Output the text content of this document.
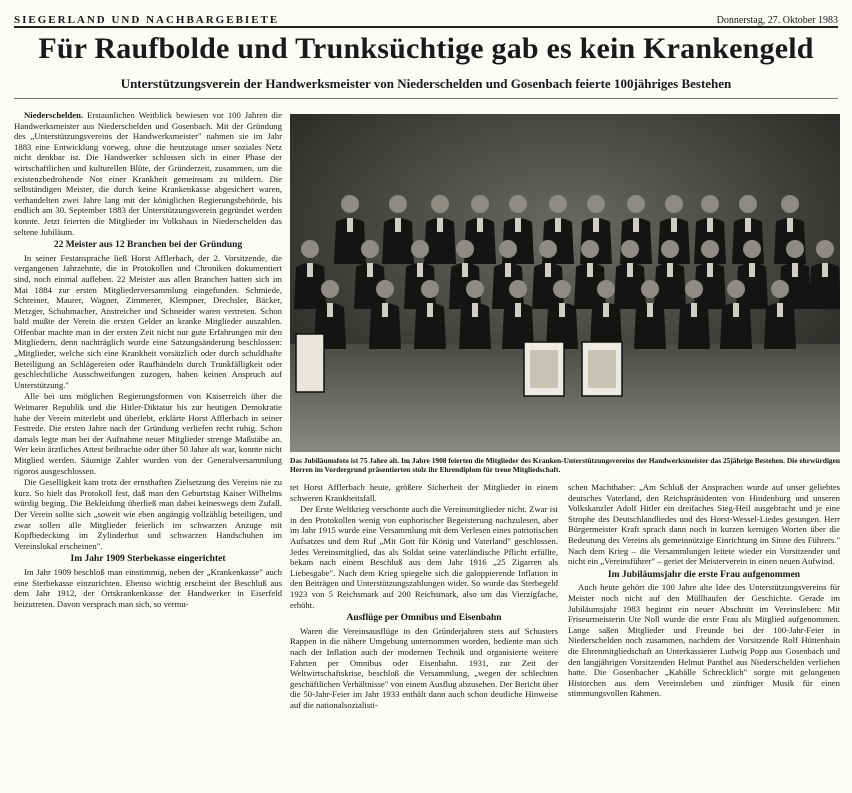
SIEGERLAND UND NACHBARGEBIETE	Donnerstag, 27. Oktober 1983
Für Raufbolde und Trunksüchtige gab es kein Krankengeld
Unterstützungsverein der Handwerksmeister von Niederschelden und Gosenbach feierte 100jähriges Bestehen

Niederschelden. Erstaunlichen Weitblick bewiesen vor 100 Jahren die Handwerksmeister aus Niederschelden und Gosenbach. Mit der Gründung des „Unterstützungsvereins der Handwerksmeister" nahmen sie im Jahr 1883 eine Entwicklung vorweg, ohne die heutzutage unser soziales Netz nicht denkbar ist. Die Handwerker schlossen sich in einer Phase der wirtschaftlichen und kulturellen Blüte, der Gründerzeit, zusammen, um die existenzbedrohende Not einer Krankheit gemeinsam zu mildern. Die selbständigen Meister, die durch keine Krankenkasse abgesichert waren, verhandelten zwei Jahre lang mit der königlichen Regierungsbehörde, bis endlich am 30. September 1883 der Unterstützungsverein gegründet werden konnte. Jetzt feierten die Mitglieder im Volkshaus in Niederschelden das seltene Jubiläum.

22 Meister aus 12 Branchen bei der Gründung

In seiner Festansprache ließ Horst Afflerbach, der 2. Vorsitzende, die vergangenen Jahrzehnte, die in Protokollen und Chroniken dokumentiert sind, noch einmal aufleben. 22 Meister aus allen Branchen hatten sich im Mai 1884 zur ersten Mitgliederversammlung eingefunden. Schmiede, Schreiner, Maurer, Wagner, Zimmerer, Klempner, Drechsler, Bäcker, Metzger, Schuhmacher, Anstreicher und Schneider waren vertreten. Schon bald mußte der Verein die ersten Gelder an kranke Mitglieder auszahlen. Offenbar machte man in der ersten Zeit nicht nur gute Erfahrungen mit den Mitgliedern, denn nachträglich wurde eine Satzungsänderung beschlossen: „Mitglieder, welche sich eine Krankheit vorsätzlich oder durch schuldhafte Beteiligung an Schlägereien oder Raufhändeln durch Trunkfälligkeit oder geschlechtliche Ausschweifungen zuzogen, haben keinen Anspruch auf Unterstützung."

Alle bei uns möglichen Regierungsformen von Kaiserreich über die Weimarer Republik und die Hitler-Diktatur bis zur heutigen Demokratie habe der Verein miterlebt und überlebt, erklärte Horst Afflerbach in seiner Festrede. Die ersten Jahre nach der Gründung verliefen recht ruhig. Schon damals legte man bei der Aufnahme neuer Mitglieder strenge Maßstäbe an. Wer kein ärztliches Attest beibrachte oder über 50 Jahre alt war, konnte nicht Mitglied werden. Säumige Zahler wurden von der Generalversammlung rigoros ausgeschlossen.

Die Geselligkeit kam trotz der ernsthaften Zielsetzung des Vereins nie zu kurz. So hielt das Protokoll fest, daß man den Geburtstag Kaiser Wilhelms würdig beging. Die Bekleidung überließ man dabei keineswegs dem Zufall. Der Verein sollte sich „soweit wie eben angängig vollzählig beteiligen, und zwar sollen alle Mitglieder feierlich im schwarzen Anzuge mit Kopfbedeckung im Zylinderhut und schwarzen Handschuhen im Vereinslokal erscheinen".

Im Jahr 1909 Sterbekasse eingerichtet

Im Jahr 1909 beschloß man einstimmig, neben der „Krankenkasse" auch eine Sterbekasse einzurichten. Ebenso wichtig erscheint der Beschluß aus dem Jahr 1912, der Ortskrankenkasse der Handwerker in Eiserfeld beizutreten. Davon versprach man sich, so vermu-

Das Jubiläumsfoto ist 75 Jahre alt. Im Jahre 1908 feierten die Mitglieder des Kranken-Unterstützungsvereins der Handwerksmeister das 25jährige Bestehen. Die ehrwürdigen Herren im Vordergrund präsentierten stolz ihr Ehrendiplom für treue Mitgliedschaft.

tet Horst Afflerbach heute, größere Sicherheit der Mitglieder in einem schweren Krankheitsfall.

Der Erste Weltkrieg verschonte auch die Vereinsmitglieder nicht. Zwar ist in den Protokollen wenig von euphorischer Begeisterung nachzulesen, aber im Jahr 1915 wurde eine Versammlung mit dem Verlesen eines patriotischen Aufsatzes und dem Ruf „Mit Gott für König und Vaterland" geschlossen. Jedes Vereinsmitglied, das als Soldat seine vaterländische Pflicht erfüllte, bekam nach einem Beschluß aus dem Jahr 1916 „25 Zigarren als Liebesgabe". Nach dem Krieg spiegelte sich die galoppierende Inflation in den Beiträgen und Unterstützungszahlungen wider. So wurde das Sterbegeld 1923 von 5 Reichsmark auf 200 Reichsmark, also um das Vierzigfache, erhöht.

Ausflüge per Omnibus und Eisenbahn

Waren die Vereinsausflüge in den Gründerjahren stets auf Schusters Rappen in die nähere Umgebung unternommen worden, bediente man sich nach der Inflation auch der modernen Technik und organisierte weitere Fahrten per Omnibus oder Eisenbahn. 1931, zur Zeit der Weltwirtschaftskrise, beschloß die Versammlung, „wegen der schlechten geschäftlichen Verhältnisse" von einem Ausflug abzusehen. Der Bericht über die 50-Jahr-Feier im Jahr 1933 enthält dann auch schon deutliche Hinweise auf die nationalsozialisti-

schen Machthaber: „Am Schluß der Ansprachen wurde auf unser geliebtes deutsches Vaterland, den Reichspräsidenten von Hindenburg und unseren Volkskanzler Adolf Hitler ein dreifaches Sieg-Heil ausgebracht und je eine Strophe des Deutschlandliedes und des Horst-Wessel-Liedes gesungen. Herr Bürgermeister Kraft sprach dann noch in kurzen kernigen Worten über die Bedeutung des Vereins als gemeinnützige Einrichtung im Sinne des Führers." Nach dem Krieg – die Versammlungen leitete wieder ein Vorsitzender und nicht ein „Vereinsführer" – geriet der Meisterverein in einen neuen Aufwind.

Im Jubiläumsjahr die erste Frau aufgenommen

Auch heute gehört die 100 Jahre alte Idee des Unterstützungsvereins für Meister noch nicht auf den Müllhaufen der Geschichte. Gerade im Jubiläumsjahr 1983 beginnt ein neuer Abschnitt im Vereinsleben: Mit Friseurmeisterin Ute Noll wurde die erste Frau als Mitglied aufgenommen. Lange saßen Mitglieder und Freunde bei der 100-Jahr-Feier in Niederschelden noch zusammen, nachdem der Vorsitzende Rolf Hüttenhain die Ehrenmitgliedschaft an Unterkassierer Ludwig Popp aus Gosenbach und den langjährigen Vorsitzenden Helmut Panthel aus Niederschelden verliehen hatte. Die Gosenbacher „Kabälle Schrecklich" sorgte mit gelungenen Historchen aus dem Vereinsleben und zünftiger Musik für einen stimmungsvollen Rahmen.
